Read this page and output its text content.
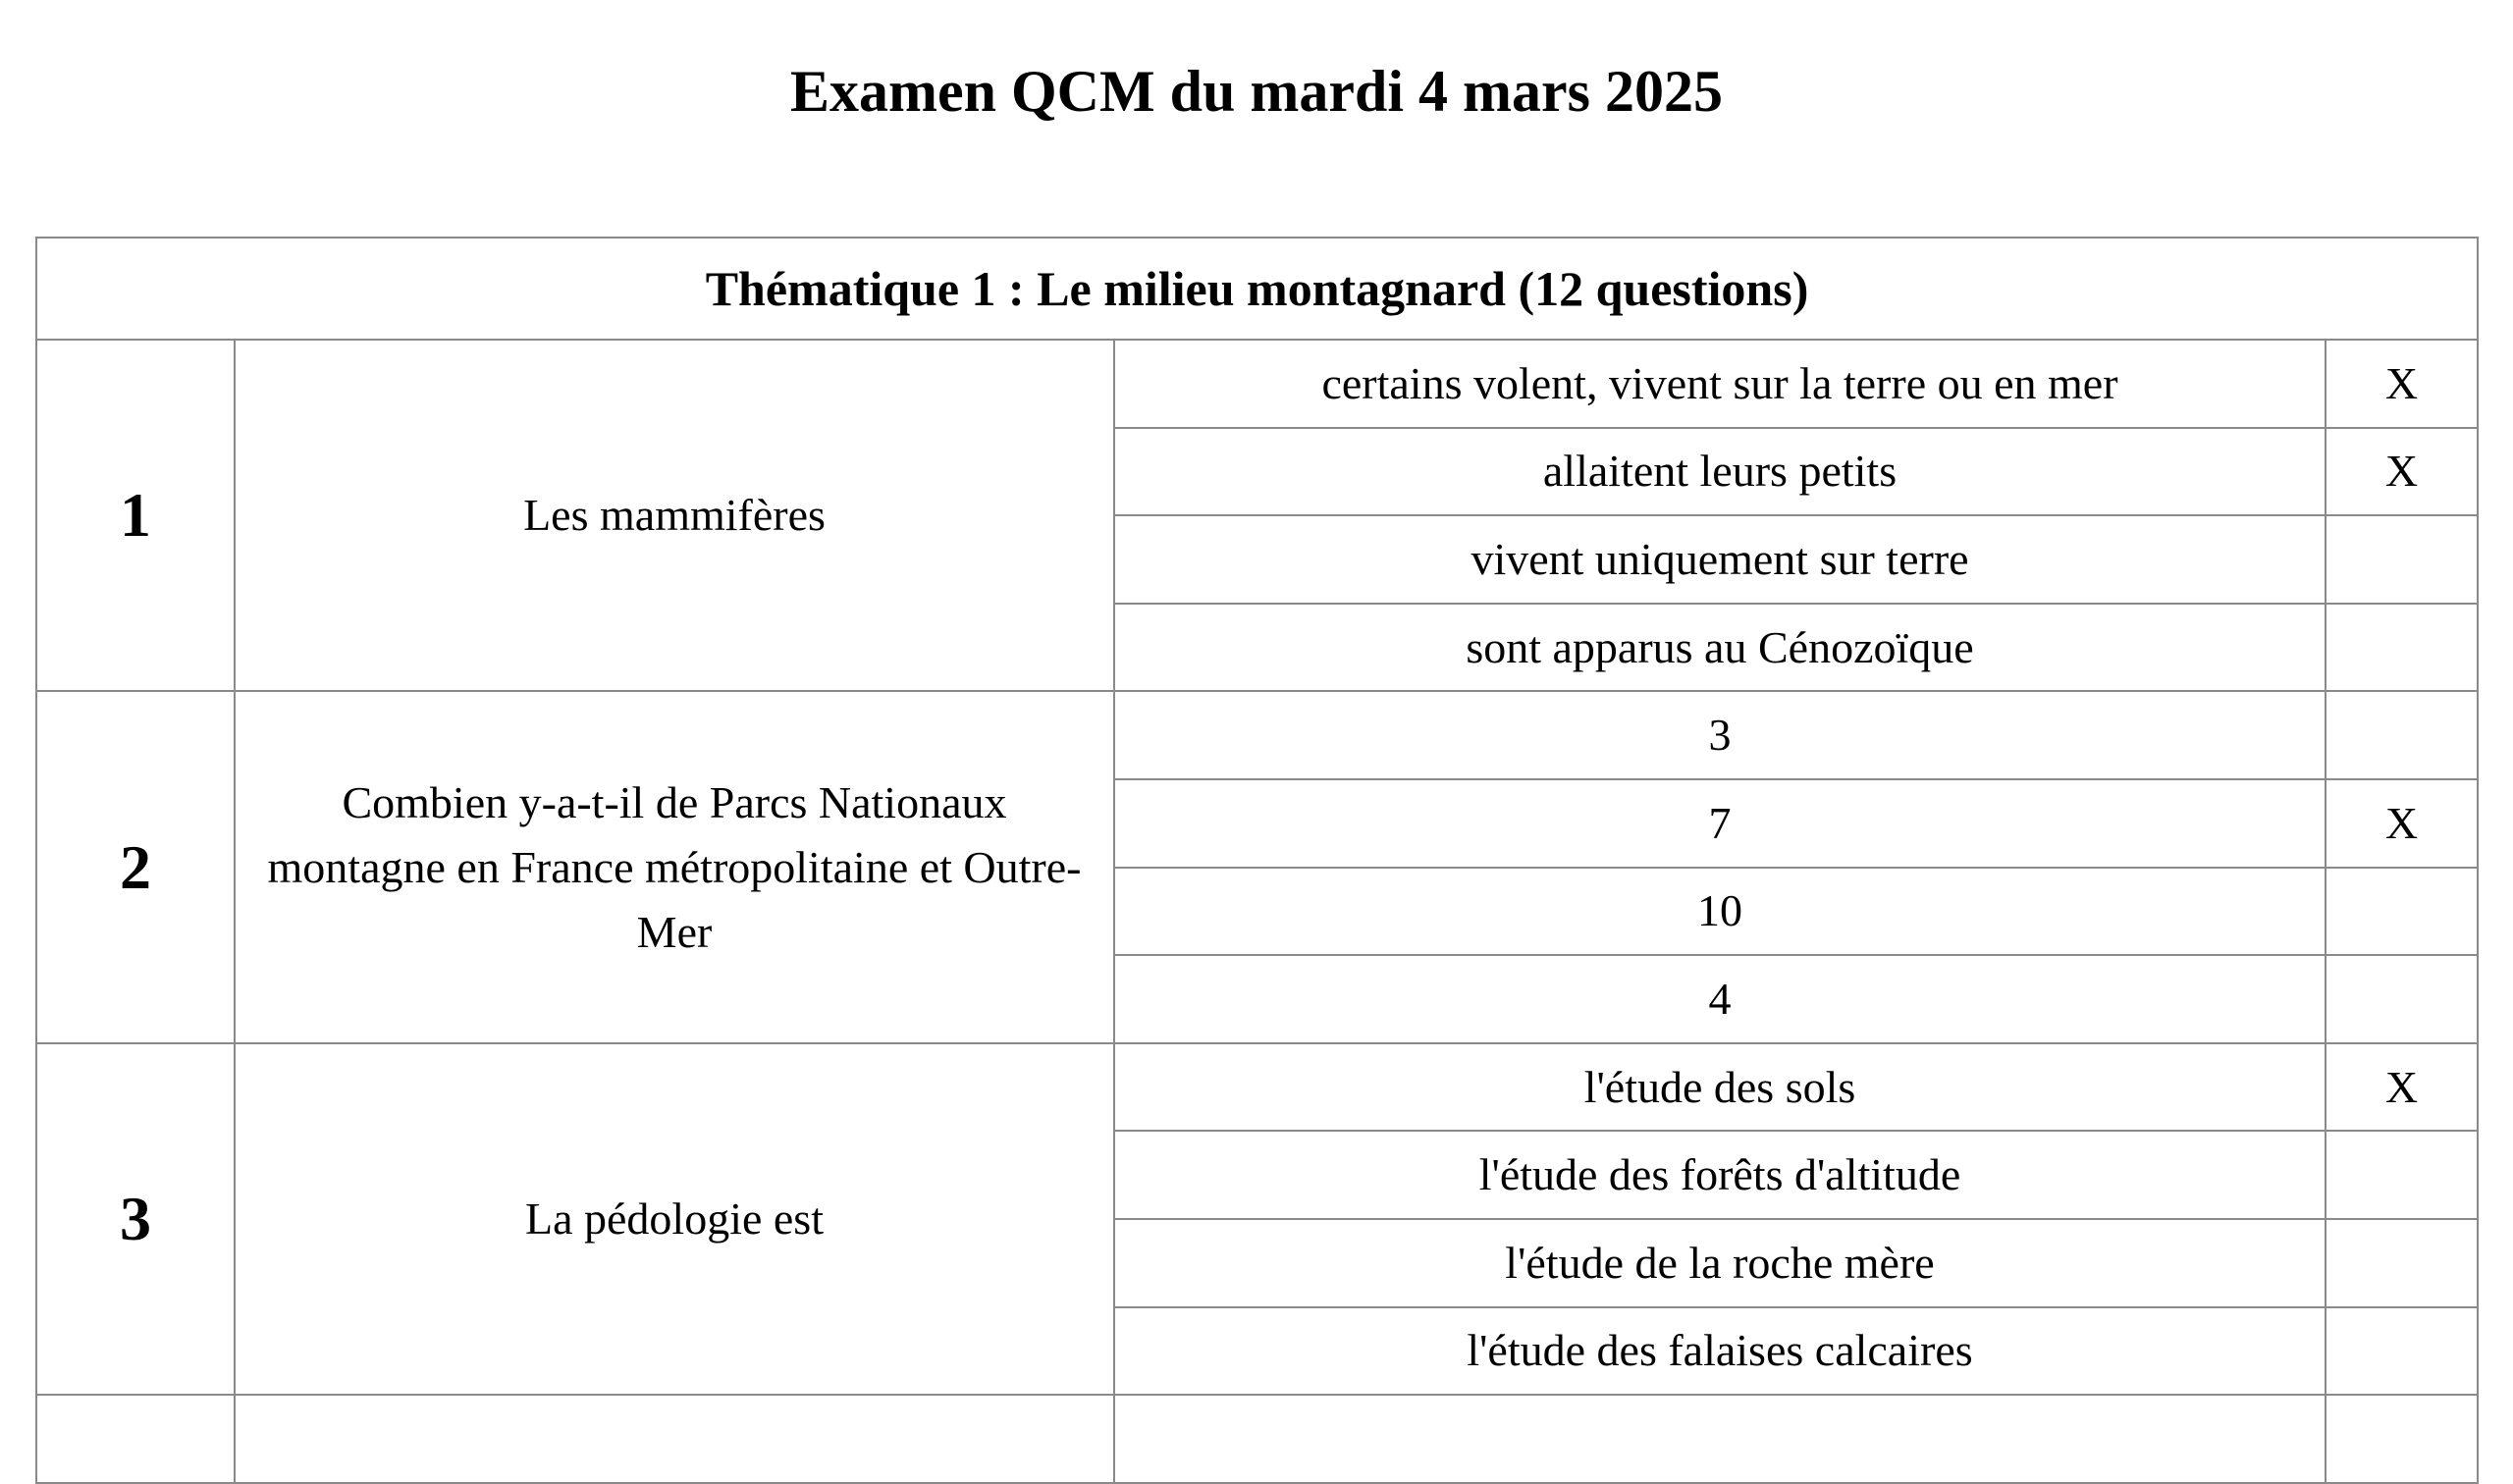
Examen QCM du mardi 4 mars 2025
Thématique 1 : Le milieu montagnard (12 questions)			
1	Les mammifères	certains volent, vivent sur la terre ou en mer	X
		allaitent leurs petits	X
		vivent uniquement sur terre	
		sont apparus au Cénozoïque	
2	Combien y-a-t-il de Parcs Nationaux montagne en France métropolitaine et Outre-Mer	3	
		7	X
		10	
		4	
3	La pédologie est	l'étude des sols	X
		l'étude des forêts d'altitude	
		l'étude de la roche mère	
		l'étude des falaises calcaires	
